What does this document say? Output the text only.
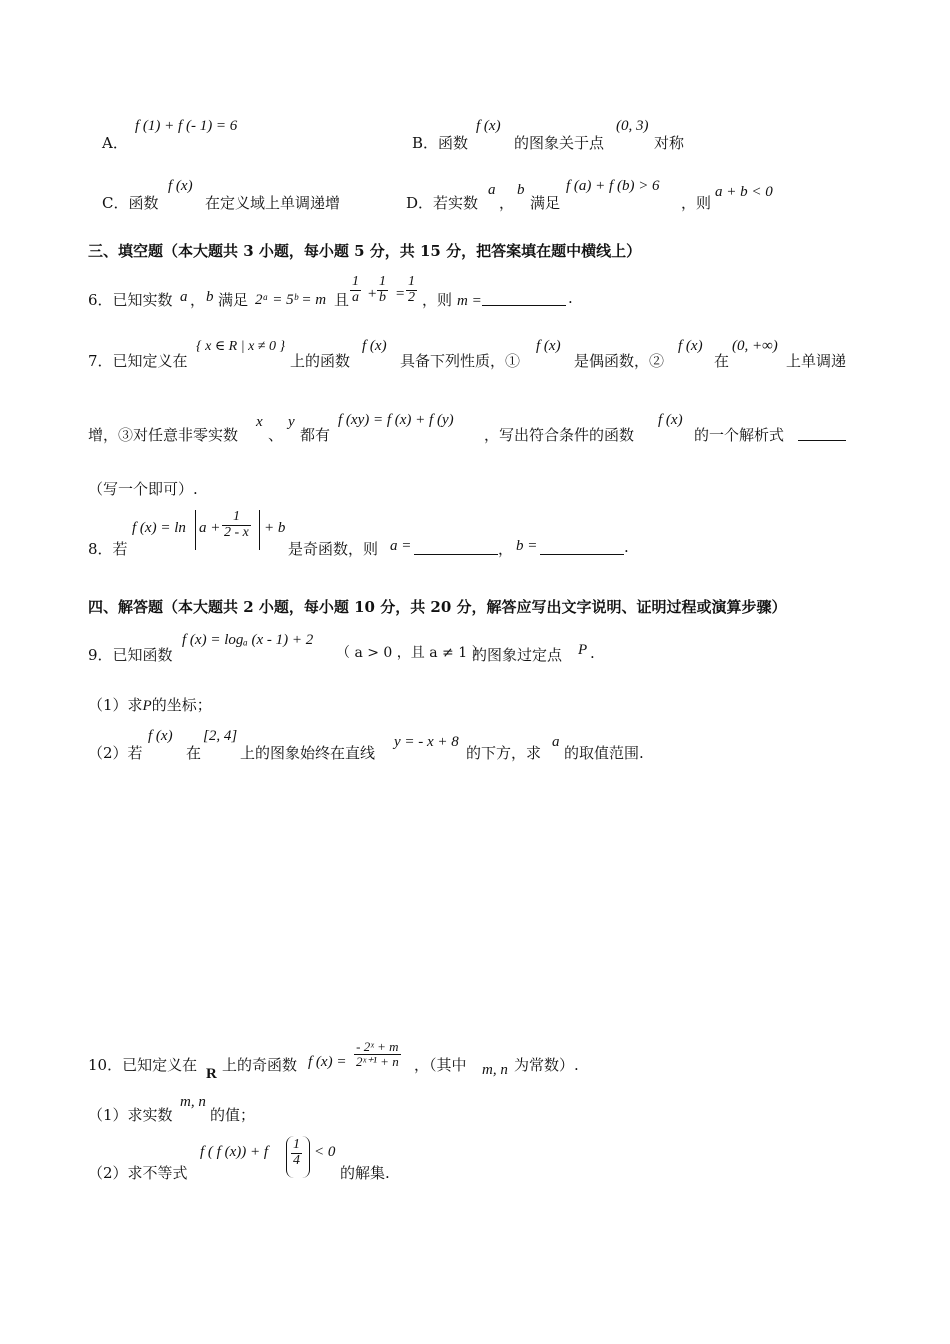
A．
f (1) + f (- 1) = 6
B．函数
f (x)
的图象关于点
(0, 3)
对称
C．函数
f (x)
在定义域上单调递增	D．若实数
a
，
b
满足
f (a) + f (b) > 6
，则
a + b < 0
三、填空题（本大题共 3 小题，每小题 5 分，共 15 分，把答案填在题中横线上）
6．已知实数 a ， b 满足 2ᵃ = 5ᵇ = m 且 $\frac{1}{a} + \frac{1}{b} = \frac{1}{2}$ ，则 m =	.
7．已知定义在
{ x ∈ R | x ≠ 0 }
上的函数
f (x)
具备下列性质，①
f (x)
是偶函数，②
f (x)
在
(0, +∞)
上单调递
增，③对任意非零实数
x
、
y
都有
f (xy) = f (x) + f (y)
，写出符合条件的函数
f (x)
的一个解析式
（写一个即可）.
8．若
f $(x) = \ln a + \frac{1}{2 - x} + b$
是奇函数，则 a =	， b =	.
四、解答题（本大题共 2 小题，每小题 10 分，共 20 分，解答应写出文字说明、证明过程或演算步骤）
9．已知函数
f (x) = logₐ (x - 1) + 2
（ a > 0 ，且 a ≠ 1 ）
的图象过定点 P .
（1）求P的坐标；
（2）若
f (x)
在
[2, 4]
上的图象始终在直线
y = - x + 8
的下方，求
a
的取值范围.
10．已知定义在 R 上的奇函数 f $(x) = \frac{\text{- 2ˣ + m}}{\text{2ˣ⁺¹ + n}}$ ，（其中 m, n 为常数）.
（1）求实数
m, n
的值；
（2）求不等式
f ( f (x)) + f $\frac{1}{4} < 0$
的解集.
